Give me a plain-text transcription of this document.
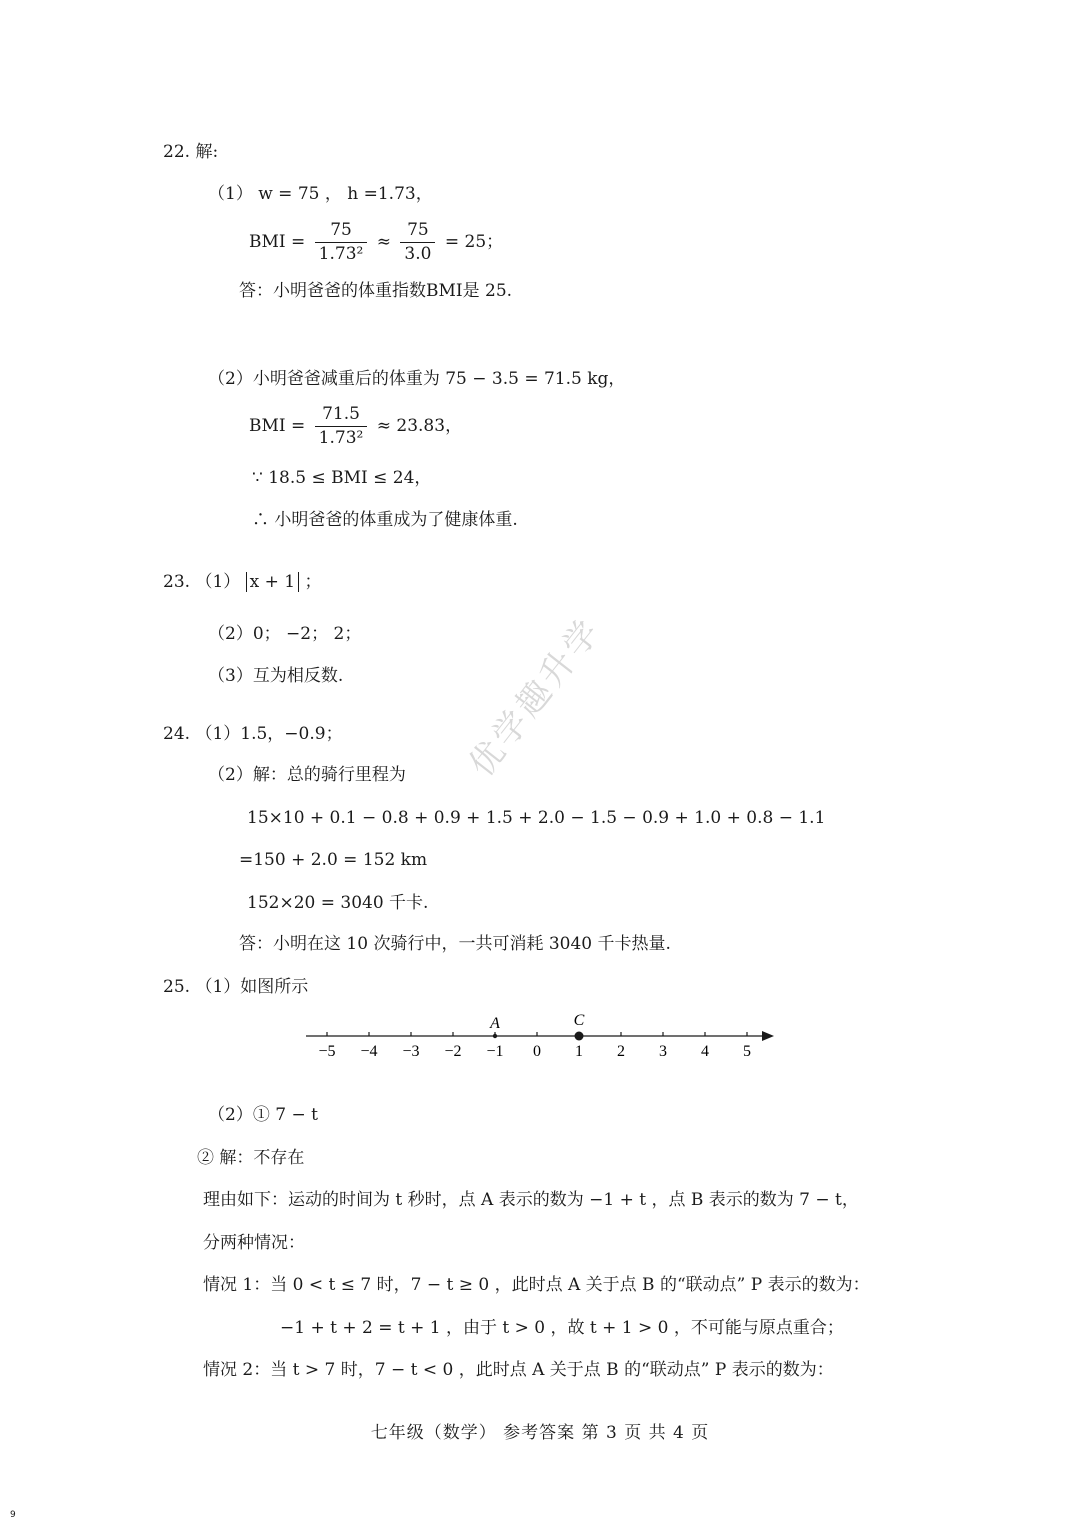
优学趣升学
22. 解:
（1） w = 75 ， h =1.73，
BMI = $\frac{75}{\text{1.73²}} \approx \frac{75}{3.0} = 25$；
答：小明爸爸的体重指数BMI是 25.
（2）小明爸爸减重后的体重为 75 − 3.5 = 71.5 kg，
BMI = $\frac{71.5}{\text{1.73²}} \approx 23.83$，
∵ 18.5 ≤ BMI ≤ 24，
∴ 小明爸爸的体重成为了健康体重.
23. （1） x + 1 ；
（2）0； −2； 2；
（3）互为相反数.
24. （1）1.5，−0.9；
（2）解：总的骑行里程为
15×10 + 0.1 − 0.8 + 0.9 + 1.5 + 2.0 − 1.5 − 0.9 + 1.0 + 0.8 − 1.1
=150 + 2.0 = 152 km
152×20 = 3040 千卡.
答：小明在这 10 次骑行中，一共可消耗 3040 千卡热量.
25. （1）如图所示
−5 −4 −3 −2 −1 0 1 2 3 4 5
A	C
（2）① 7 − t
② 解：不存在
理由如下：运动的时间为 t 秒时，点 A 表示的数为 −1 + t ，点 B 表示的数为 7 − t，
分两种情况：
情况 1：当 0 < t ≤ 7 时，7 − t ≥ 0 ，此时点 A 关于点 B 的“联动点” P 表示的数为：
−1 + t + 2 = t + 1 ，由于 t > 0 ，故 t + 1 > 0 ，不可能与原点重合；
情况 2：当 t > 7 时，7 − t < 0 ，此时点 A 关于点 B 的“联动点” P 表示的数为：
七年级（数学） 参考答案 第 3 页 共 4 页
9
